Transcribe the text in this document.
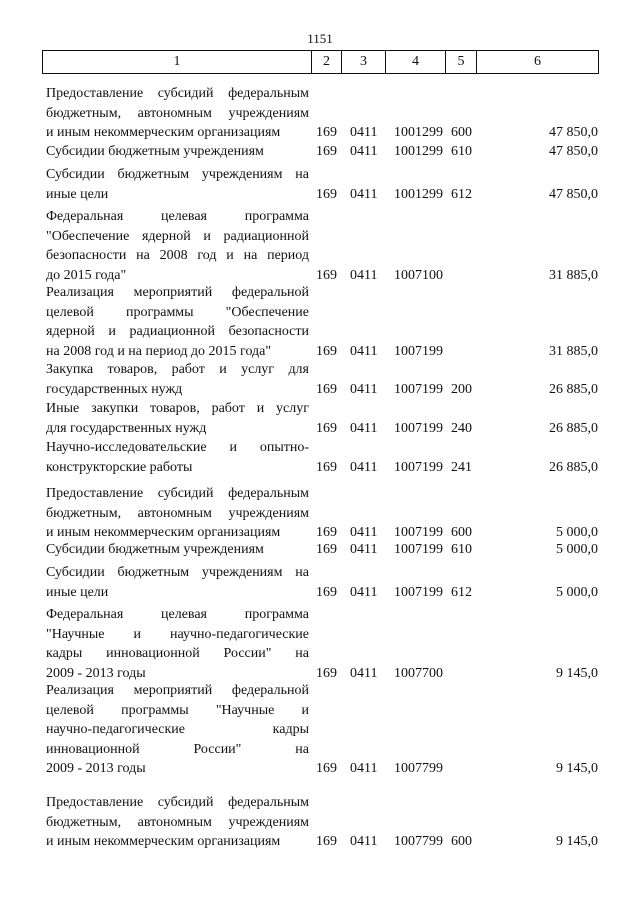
1151
1	2	3	4	5	6
Предоставление субсидий федеральным
бюджетным, автономным учреждениям
и иным некоммерческим организациям	169 0411 1001299 600	47 850,0
Субсидии бюджетным учреждениям	169 0411 1001299 610	47 850,0
Субсидии бюджетным учреждениям на
иные цели	169 0411 1001299 612	47 850,0
Федеральная целевая программа
"Обеспечение ядерной и радиационной
безопасности на 2008 год и на период
до 2015 года"	169 0411 1007100	31 885,0
Реализация мероприятий федеральной
целевой программы "Обеспечение
ядерной и радиационной безопасности
на 2008 год и на период до 2015 года"	169 0411 1007199	31 885,0
Закупка товаров, работ и услуг для
государственных нужд	169 0411 1007199 200	26 885,0
Иные закупки товаров, работ и услуг
для государственных нужд	169 0411 1007199 240	26 885,0
Научно-исследовательские и опытно-
конструкторские работы	169 0411 1007199 241	26 885,0
Предоставление субсидий федеральным
бюджетным, автономным учреждениям
и иным некоммерческим организациям	169 0411 1007199 600	5 000,0
Субсидии бюджетным учреждениям	169 0411 1007199 610	5 000,0
Субсидии бюджетным учреждениям на
иные цели	169 0411 1007199 612	5 000,0
Федеральная целевая программа
"Научные и научно-педагогические
кадры инновационной России" на
2009 - 2013 годы	169 0411 1007700	9 145,0
Реализация мероприятий федеральной
целевой программы "Научные и
научно-педагогические кадры
инновационной России" на
2009 - 2013 годы	169 0411 1007799	9 145,0
Предоставление субсидий федеральным
бюджетным, автономным учреждениям
и иным некоммерческим организациям	169 0411 1007799 600	9 145,0
